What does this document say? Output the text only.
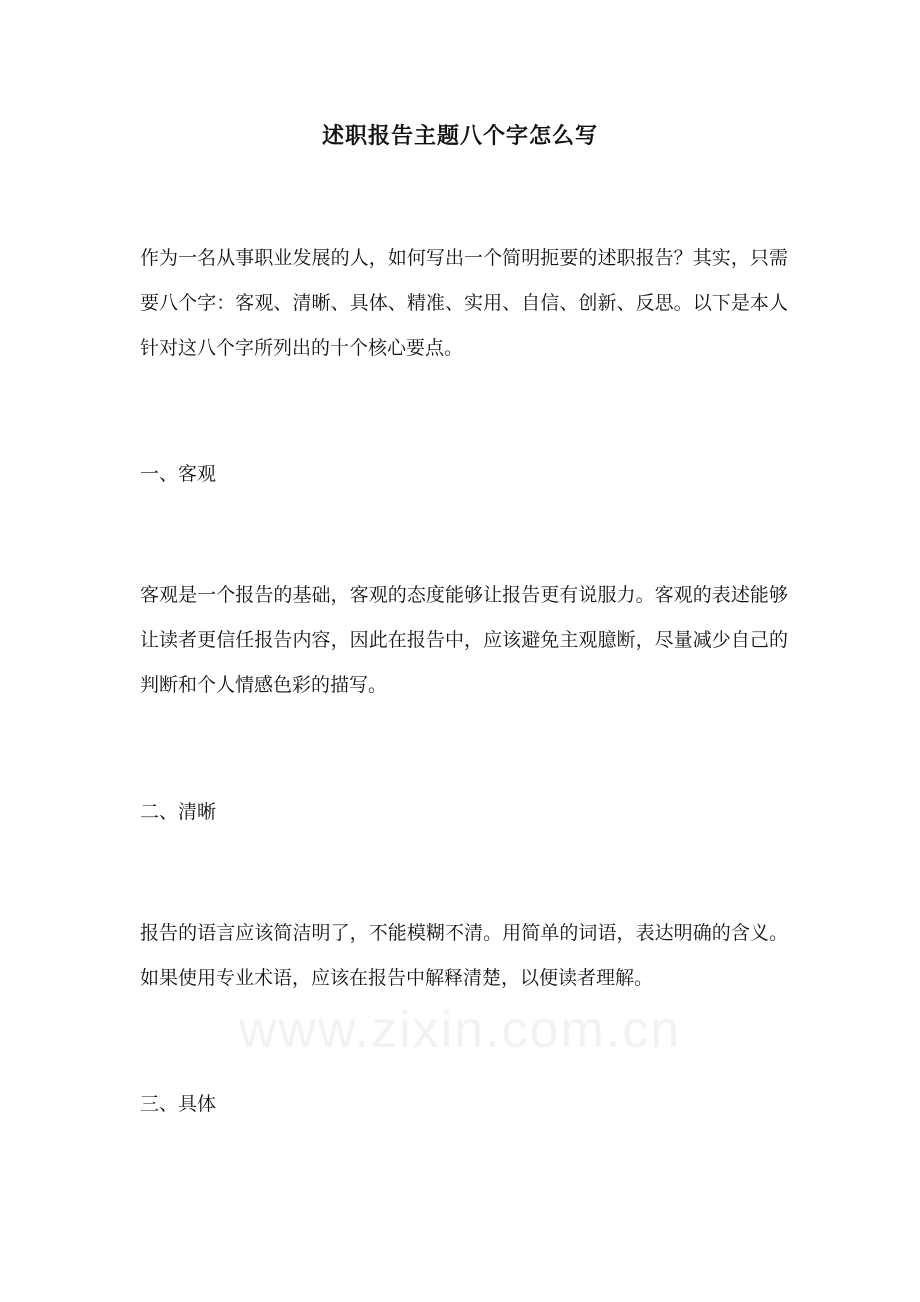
述职报告主题八个字怎么写

作为一名从事职业发展的人，如何写出一个简明扼要的述职报告？其实，只需要八个字：客观、清晰、具体、精准、实用、自信、创新、反思。以下是本人针对这八个字所列出的十个核心要点。

一、客观

客观是一个报告的基础，客观的态度能够让报告更有说服力。客观的表述能够让读者更信任报告内容，因此在报告中，应该避免主观臆断，尽量减少自己的判断和个人情感色彩的描写。

二、清晰

报告的语言应该简洁明了，不能模糊不清。用简单的词语，表达明确的含义。如果使用专业术语，应该在报告中解释清楚，以便读者理解。

三、具体

www.zixin.com.cn
